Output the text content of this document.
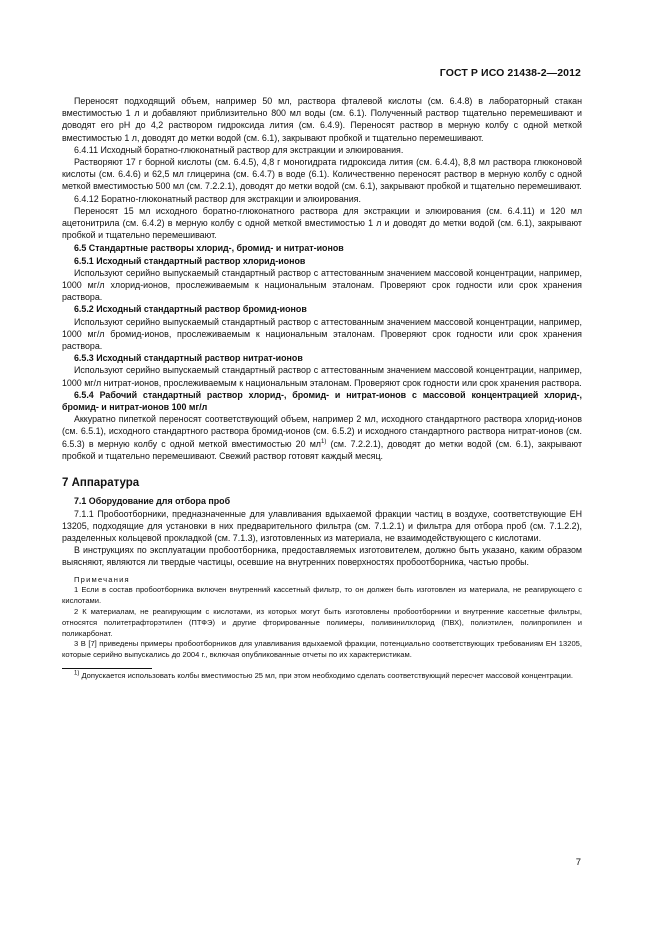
ГОСТ Р ИСО 21438-2—2012

Переносят подходящий объем, например 50 мл, раствора фталевой кислоты (см. 6.4.8) в лабораторный стакан вместимостью 1 л и добавляют приблизительно 800 мл воды (см. 6.1). Полученный раствор тщательно перемешивают и доводят его pH до 4,2 раствором гидроксида лития (см. 6.4.9). Переносят раствор в мерную колбу с одной меткой вместимостью 1 л, доводят до метки водой (см. 6.1), закрывают пробкой и тщательно перемешивают.

6.4.11 Исходный боратно-глюконатный раствор для экстракции и элюирования.

Растворяют 17 г борной кислоты (см. 6.4.5), 4,8 г моногидрата гидроксида лития (см. 6.4.4), 8,8 мл раствора глюконовой кислоты (см. 6.4.6) и 62,5 мл глицерина (см. 6.4.7) в воде (6.1). Количественно переносят раствор в мерную колбу с одной меткой вместимостью 500 мл (см. 7.2.2.1), доводят до метки водой (см. 6.1), закрывают пробкой и тщательно перемешивают.

6.4.12 Боратно-глюконатный раствор для экстракции и элюирования.

Переносят 15 мл исходного боратно-глюконатного раствора для экстракции и элюирования (см. 6.4.11) и 120 мл ацетонитрила (см. 6.4.2) в мерную колбу с одной меткой вместимостью 1 л и доводят до метки водой (см. 6.1), закрывают пробкой и тщательно перемешивают.

6.5 Стандартные растворы хлорид-, бромид- и нитрат-ионов

6.5.1 Исходный стандартный раствор хлорид-ионов

Используют серийно выпускаемый стандартный раствор с аттестованным значением массовой концентрации, например, 1000 мг/л хлорид-ионов, прослеживаемым к национальным эталонам. Проверяют срок годности или срок хранения раствора.

6.5.2 Исходный стандартный раствор бромид-ионов

Используют серийно выпускаемый стандартный раствор с аттестованным значением массовой концентрации, например, 1000 мг/л бромид-ионов, прослеживаемым к национальным эталонам. Проверяют срок годности или срок хранения раствора.

6.5.3 Исходный стандартный раствор нитрат-ионов

Используют серийно выпускаемый стандартный раствор с аттестованным значением массовой концентрации, например, 1000 мг/л нитрат-ионов, прослеживаемым к национальным эталонам. Проверяют срок годности или срок хранения раствора.

6.5.4 Рабочий стандартный раствор хлорид-, бромид- и нитрат-ионов с массовой концентрацией хлорид-, бромид- и нитрат-ионов 100 мг/л

Аккуратно пипеткой переносят соответствующий объем, например 2 мл, исходного стандартного раствора хлорид-ионов (см. 6.5.1), исходного стандартного раствора бромид-ионов (см. 6.5.2) и исходного стандартного раствора нитрат-ионов (см. 6.5.3) в мерную колбу с одной меткой вместимостью 20 $мл^{1)}$ (см. 7.2.2.1), доводят до метки водой (см. 6.1), закрывают пробкой и тщательно перемешивают. Свежий раствор готовят каждый месяц.

7 Аппаратура

7.1 Оборудование для отбора проб

7.1.1 Пробоотборники, предназначенные для улавливания вдыхаемой фракции частиц в воздухе, соответствующие ЕН 13205, подходящие для установки в них предварительного фильтра (см. 7.1.2.1) и фильтра для отбора проб (см. 7.1.2.2), разделенных кольцевой прокладкой (см. 7.1.3), изготовленных из материала, не взаимодействующего с кислотами.

В инструкциях по эксплуатации пробоотборника, предоставляемых изготовителем, должно быть указано, каким образом выясняют, являются ли твердые частицы, осевшие на внутренних поверхностях пробоотборника, частью пробы.

Примечания

1 Если в состав пробоотборника включен внутренний кассетный фильтр, то он должен быть изготовлен из материала, не реагирующего с кислотами.

2 К материалам, не реагирующим с кислотами, из которых могут быть изготовлены пробоотборники и внутренние кассетные фильтры, относятся политетрафторэтилен (ПТФЭ) и другие фторированные полимеры, поливинилхлорид (ПВХ), полиэтилен, полипропилен и поликарбонат.

3 В [7] приведены примеры пробоотборников для улавливания вдыхаемой фракции, потенциально соответствующих требованиям ЕН 13205, которые серийно выпускались до 2004 г., включая опубликованные отчеты по их характеристикам.

$^{1)}$ Допускается использовать колбы вместимостью 25 мл, при этом необходимо сделать соответствующий пересчет массовой концентрации.

7
